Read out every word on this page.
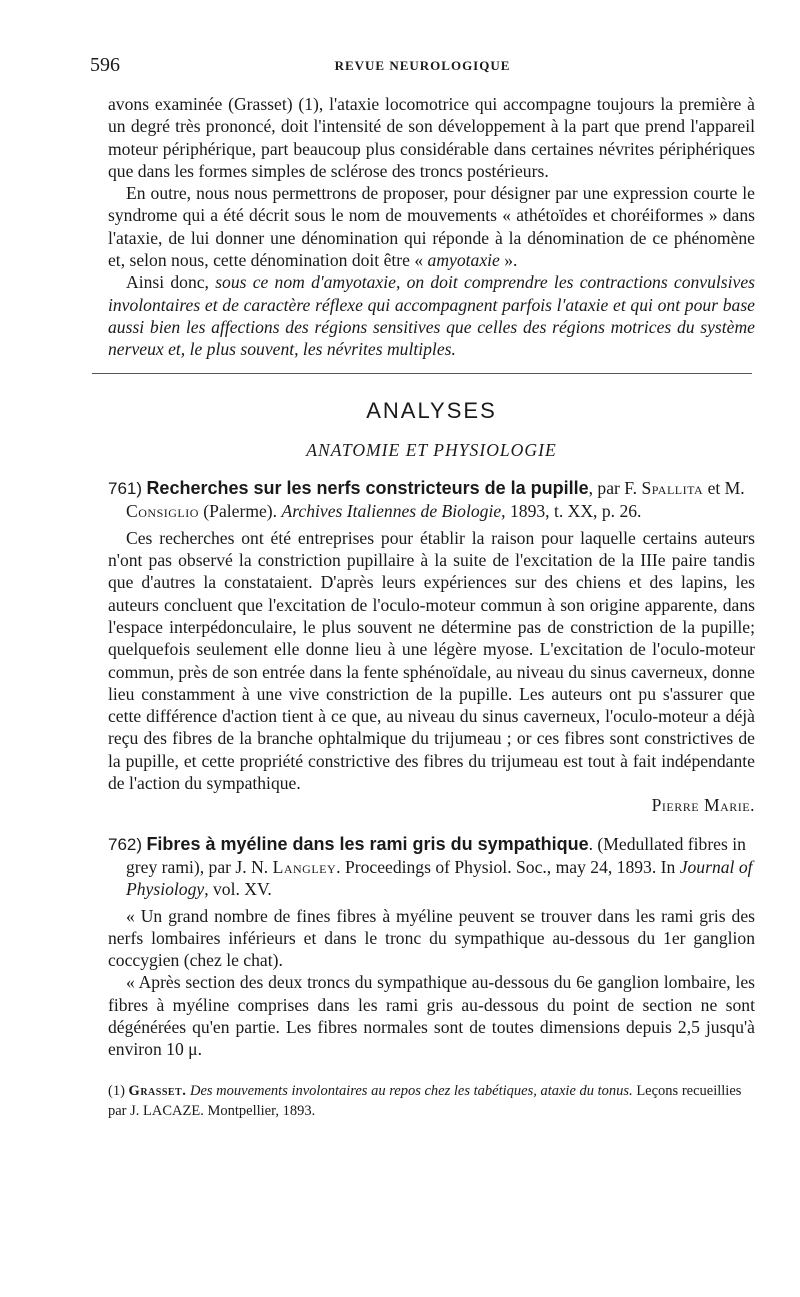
596	REVUE NEUROLOGIQUE

avons examinée (Grasset) (1), l'ataxie locomotrice qui accompagne toujours la première à un degré très prononcé, doit l'intensité de son développement à la part que prend l'appareil moteur périphérique, part beaucoup plus considérable dans certaines névrites périphériques que dans les formes simples de sclérose des troncs postérieurs.

En outre, nous nous permettrons de proposer, pour désigner par une expression courte le syndrome qui a été décrit sous le nom de mouvements « athétoïdes et choréiformes » dans l'ataxie, de lui donner une dénomination qui réponde à la dénomination de ce phénomène et, selon nous, cette dénomination doit être « amyotaxie ».

Ainsi donc, sous ce nom d'amyotaxie, on doit comprendre les contractions convulsives involontaires et de caractère réflexe qui accompagnent parfois l'ataxie et qui ont pour base aussi bien les affections des régions sensitives que celles des régions motrices du système nerveux et, le plus souvent, les névrites multiples.

ANALYSES
ANATOMIE ET PHYSIOLOGIE

761) Recherches sur les nerfs constricteurs de la pupille, par F. Spallita et M. Consiglio (Palerme). Archives Italiennes de Biologie, 1893, t. XX, p. 26.

Ces recherches ont été entreprises pour établir la raison pour laquelle certains auteurs n'ont pas observé la constriction pupillaire à la suite de l'excitation de la IIIe paire tandis que d'autres la constataient. D'après leurs expériences sur des chiens et des lapins, les auteurs concluent que l'excitation de l'oculo-moteur commun à son origine apparente, dans l'espace interpédonculaire, le plus souvent ne détermine pas de constriction de la pupille; quelquefois seulement elle donne lieu à une légère myose. L'excitation de l'oculo-moteur commun, près de son entrée dans la fente sphénoïdale, au niveau du sinus caverneux, donne lieu constamment à une vive constriction de la pupille. Les auteurs ont pu s'assurer que cette différence d'action tient à ce que, au niveau du sinus caverneux, l'oculo-moteur a déjà reçu des fibres de la branche ophtalmique du trijumeau ; or ces fibres sont constrictives de la pupille, et cette propriété constrictive des fibres du trijumeau est tout à fait indépendante de l'action du sympathique.

Pierre Marie.

762) Fibres à myéline dans les rami gris du sympathique. (Medullated fibres in grey rami), par J. N. Langley. Proceedings of Physiol. Soc., may 24, 1893. In Journal of Physiology, vol. XV.

« Un grand nombre de fines fibres à myéline peuvent se trouver dans les rami gris des nerfs lombaires inférieurs et dans le tronc du sympathique au-dessous du 1er ganglion coccygien (chez le chat).

« Après section des deux troncs du sympathique au-dessous du 6e ganglion lombaire, les fibres à myéline comprises dans les rami gris au-dessous du point de section ne sont dégénérées qu'en partie. Les fibres normales sont de toutes dimensions depuis 2,5 jusqu'à environ 10 μ.

(1) Grasset. Des mouvements involontaires au repos chez les tabétiques, ataxie du tonus. Leçons recueillies par J. LACAZE. Montpellier, 1893.
